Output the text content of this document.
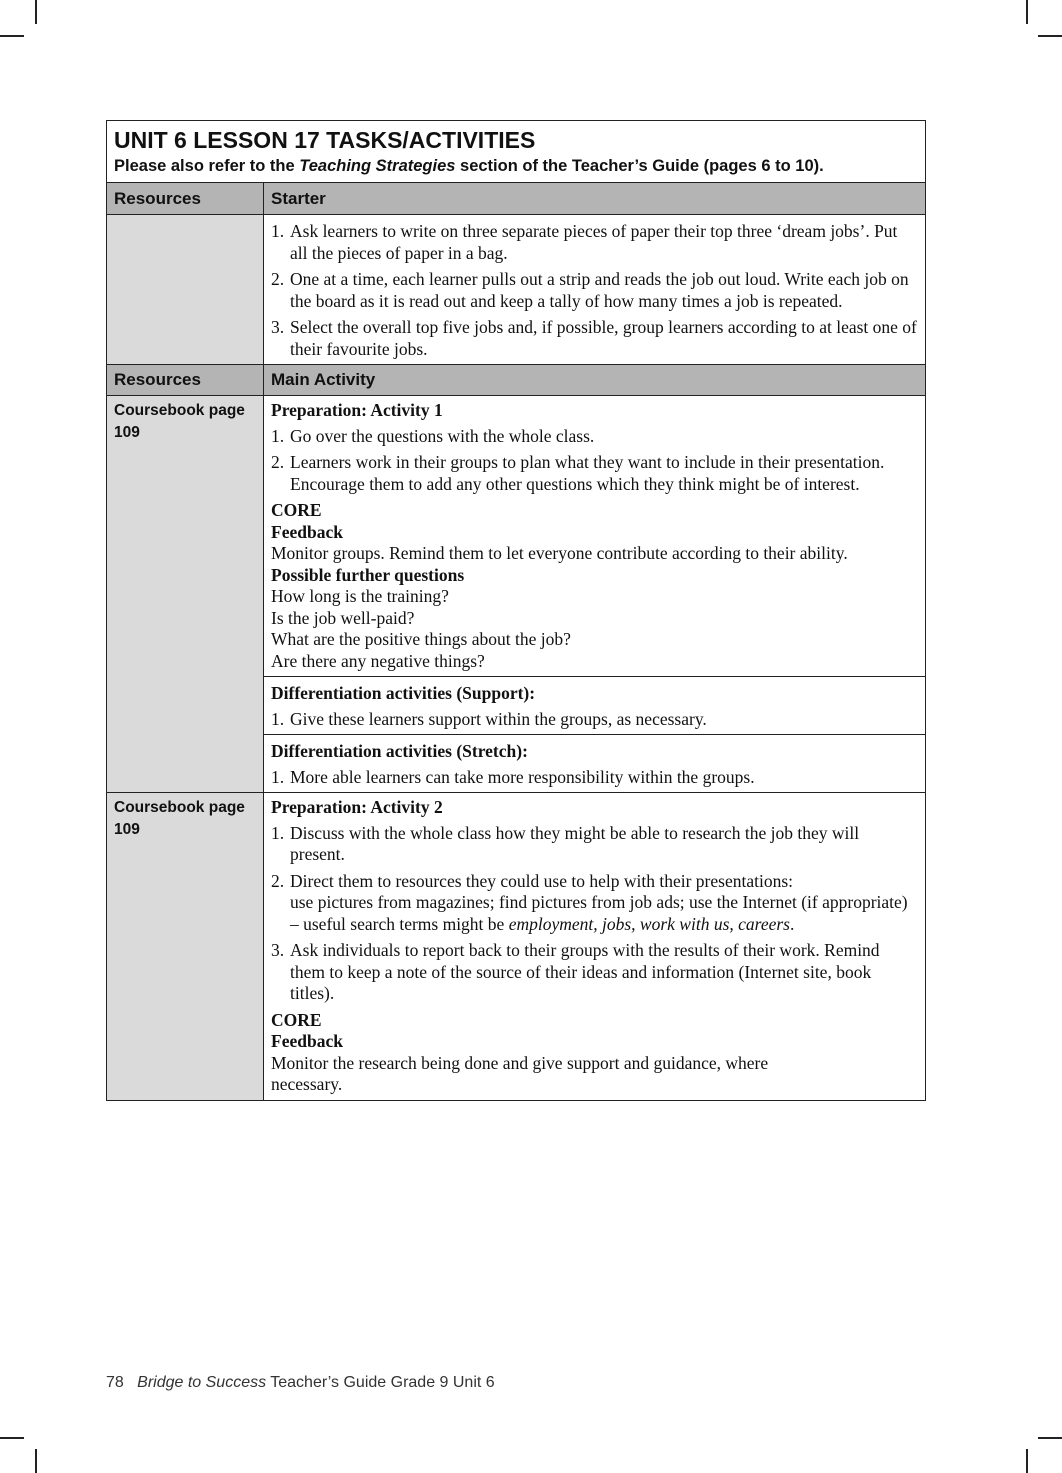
UNIT 6 LESSON 17 TASKS/ACTIVITIES
Please also refer to the Teaching Strategies section of the Teacher’s Guide (pages 6 to 10).
Resources	Starter
1. Ask learners to write on three separate pieces of paper their top three ‘dream jobs’. Put all the pieces of paper in a bag.
2. One at a time, each learner pulls out a strip and reads the job out loud. Write each job on the board as it is read out and keep a tally of how many times a job is repeated.
3. Select the overall top five jobs and, if possible, group learners according to at least one of their favourite jobs.
Resources	Main Activity
Coursebook page 109

Preparation: Activity 1

1. Go over the questions with the whole class.
2. Learners work in their groups to plan what they want to include in their presentation. Encourage them to add any other questions which they think might be of interest.

CORE

Feedback

Monitor groups. Remind them to let everyone contribute according to their ability.

Possible further questions

How long is the training?

Is the job well-paid?

What are the positive things about the job?

Are there any negative things?

Differentiation activities (Support):

1. Give these learners support within the groups, as necessary.

Differentiation activities (Stretch):

1. More able learners can take more responsibility within the groups.
Coursebook page 109

Preparation: Activity 2

1. Discuss with the whole class how they might be able to research the job they will present.
2. Direct them to resources they could use to help with their presentations:
use pictures from magazines; find pictures from job ads; use the Internet (if appropriate) – useful search terms might be employment, jobs, work with us, careers.
3. Ask individuals to report back to their groups with the results of their work. Remind them to keep a note of the source of their ideas and information (Internet site, book titles).

CORE

Feedback

Monitor the research being done and give support and guidance, where necessary.

78 Bridge to Success Teacher’s Guide Grade 9 Unit 6
